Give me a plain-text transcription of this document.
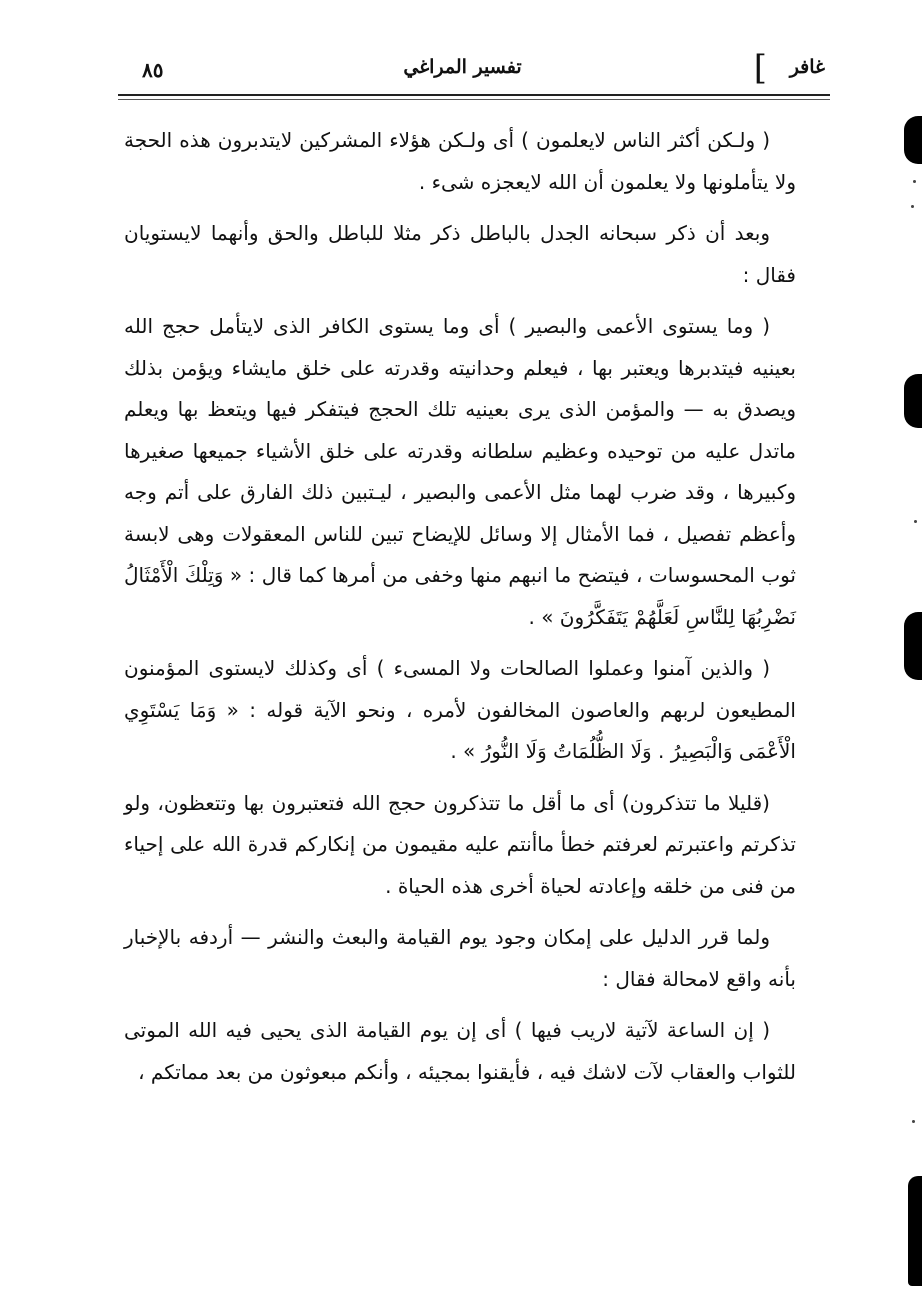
غافر
]
تفسير المراغي
٨٥

( ولـكن أكثر الناس لايعلمون ) أى ولـكن هؤلاء المشركين لايتدبرون هذه الحجة ولا يتأملونها ولا يعلمون أن الله لايعجزه شىء .

وبعد أن ذكر سبحانه الجدل بالباطل ذكر مثلا للباطل والحق وأنهما لايستويان فقال :

( وما يستوى الأعمى والبصير ) أى وما يستوى الكافر الذى لايتأمل حجج الله بعينيه فيتدبرها ويعتبر بها ، فيعلم وحدانيته وقدرته على خلق مايشاء ويؤمن بذلك ويصدق به — والمؤمن الذى يرى بعينيه تلك الحجج فيتفكر فيها ويتعظ بها ويعلم ماتدل عليه من توحيده وعظيم سلطانه وقدرته على خلق الأشياء جميعها صغيرها وكبيرها ، وقد ضرب لهما مثل الأعمى والبصير ، ليـتبين ذلك الفارق على أتم وجه وأعظم تفصيل ، فما الأمثال إلا وسائل للإيضاح تبين للناس المعقولات وهى لابسة ثوب المحسوسات ، فيتضح ما انبهم منها وخفى من أمرها كما قال : « وَتِلْكَ الْأَمْثَالُ نَضْرِبُهَا لِلنَّاسِ لَعَلَّهُمْ يَتَفَكَّرُونَ » .

( والذين آمنوا وعملوا الصالحات ولا المسىء ) أى وكذلك لايستوى المؤمنون المطيعون لربهم والعاصون المخالفون لأمره ، ونحو الآية قوله : « وَمَا يَسْتَوِي الْأَعْمَى وَالْبَصِيرُ . وَلَا الظُّلُمَاتُ وَلَا النُّورُ » .

(قليلا ما تتذكرون) أى ما أقل ما تتذكرون حجج الله فتعتبرون بها وتتعظون، ولو تذكرتم واعتبرتم لعرفتم خطأ ماأنتم عليه مقيمون من إنكاركم قدرة الله على إحياء من فنى من خلقه وإعادته لحياة أخرى هذه الحياة .

ولما قرر الدليل على إمكان وجود يوم القيامة والبعث والنشر — أردفه بالإخبار بأنه واقع لامحالة فقال :

( إن الساعة لآتية لاريب فيها ) أى إن يوم القيامة الذى يحيى فيه الله الموتى للثواب والعقاب لآت لاشك فيه ، فأيقنوا بمجيئه ، وأنكم مبعوثون من بعد مماتكم ،
